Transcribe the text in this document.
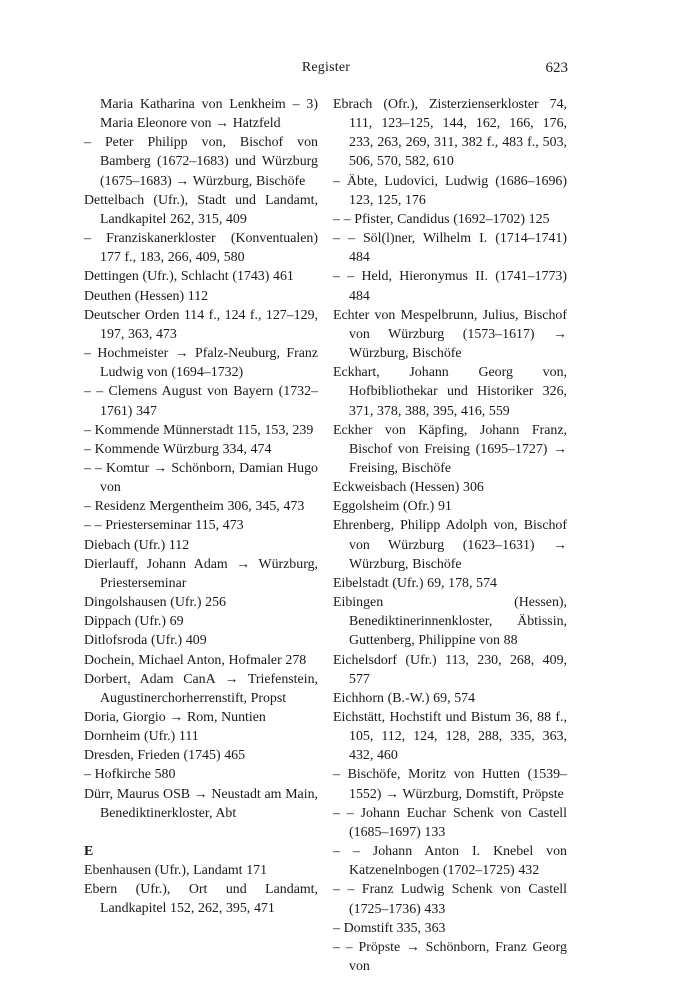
Register	623
Maria Katharina von Lenkheim – 3) Maria Eleonore von → Hatzfeld
– Peter Philipp von, Bischof von Bamberg (1672–1683) und Würzburg (1675–1683) → Würzburg, Bischöfe
Dettelbach (Ufr.), Stadt und Landamt, Landkapitel 262, 315, 409
– Franziskanerkloster (Konventualen) 177 f., 183, 266, 409, 580
Dettingen (Ufr.), Schlacht (1743) 461
Deuthen (Hessen) 112
Deutscher Orden 114 f., 124 f., 127–129, 197, 363, 473
– Hochmeister → Pfalz-Neuburg, Franz Ludwig von (1694–1732)
– – Clemens August von Bayern (1732–1761) 347
– Kommende Münnerstadt 115, 153, 239
– Kommende Würzburg 334, 474
– – Komtur → Schönborn, Damian Hugo von
– Residenz Mergentheim 306, 345, 473
– – Priesterseminar 115, 473
Diebach (Ufr.) 112
Dierlauff, Johann Adam → Würzburg, Priesterseminar
Dingolshausen (Ufr.) 256
Dippach (Ufr.) 69
Ditlofsroda (Ufr.) 409
Dochein, Michael Anton, Hofmaler 278
Dorbert, Adam CanA → Triefenstein, Augustinerchorherrenstift, Propst
Doria, Giorgio → Rom, Nuntien
Dornheim (Ufr.) 111
Dresden, Frieden (1745) 465
– Hofkirche 580
Dürr, Maurus OSB → Neustadt am Main, Benediktinerkloster, Abt
E
Ebenhausen (Ufr.), Landamt 171
Ebern (Ufr.), Ort und Landamt, Landkapitel 152, 262, 395, 471
Ebrach (Ofr.), Zisterzienserkloster 74, 111, 123–125, 144, 162, 166, 176, 233, 263, 269, 311, 382 f., 483 f., 503, 506, 570, 582, 610
– Äbte, Ludovici, Ludwig (1686–1696) 123, 125, 176
– – Pfister, Candidus (1692–1702) 125
– – Söl(l)ner, Wilhelm I. (1714–1741) 484
– – Held, Hieronymus II. (1741–1773) 484
Echter von Mespelbrunn, Julius, Bischof von Würzburg (1573–1617) → Würzburg, Bischöfe
Eckhart, Johann Georg von, Hofbibliothekar und Historiker 326, 371, 378, 388, 395, 416, 559
Eckher von Käpfing, Johann Franz, Bischof von Freising (1695–1727) → Freising, Bischöfe
Eckweisbach (Hessen) 306
Eggolsheim (Ofr.) 91
Ehrenberg, Philipp Adolph von, Bischof von Würzburg (1623–1631) → Würzburg, Bischöfe
Eibelstadt (Ufr.) 69, 178, 574
Eibingen (Hessen), Benediktinerinnenkloster, Äbtissin, Guttenberg, Philippine von 88
Eichelsdorf (Ufr.) 113, 230, 268, 409, 577
Eichhorn (B.-W.) 69, 574
Eichstätt, Hochstift und Bistum 36, 88 f., 105, 112, 124, 128, 288, 335, 363, 432, 460
– Bischöfe, Moritz von Hutten (1539–1552) → Würzburg, Domstift, Pröpste
– – Johann Euchar Schenk von Castell (1685–1697) 133
– – Johann Anton I. Knebel von Katzenelnbogen (1702–1725) 432
– – Franz Ludwig Schenk von Castell (1725–1736) 433
– Domstift 335, 363
– – Pröpste → Schönborn, Franz Georg von
